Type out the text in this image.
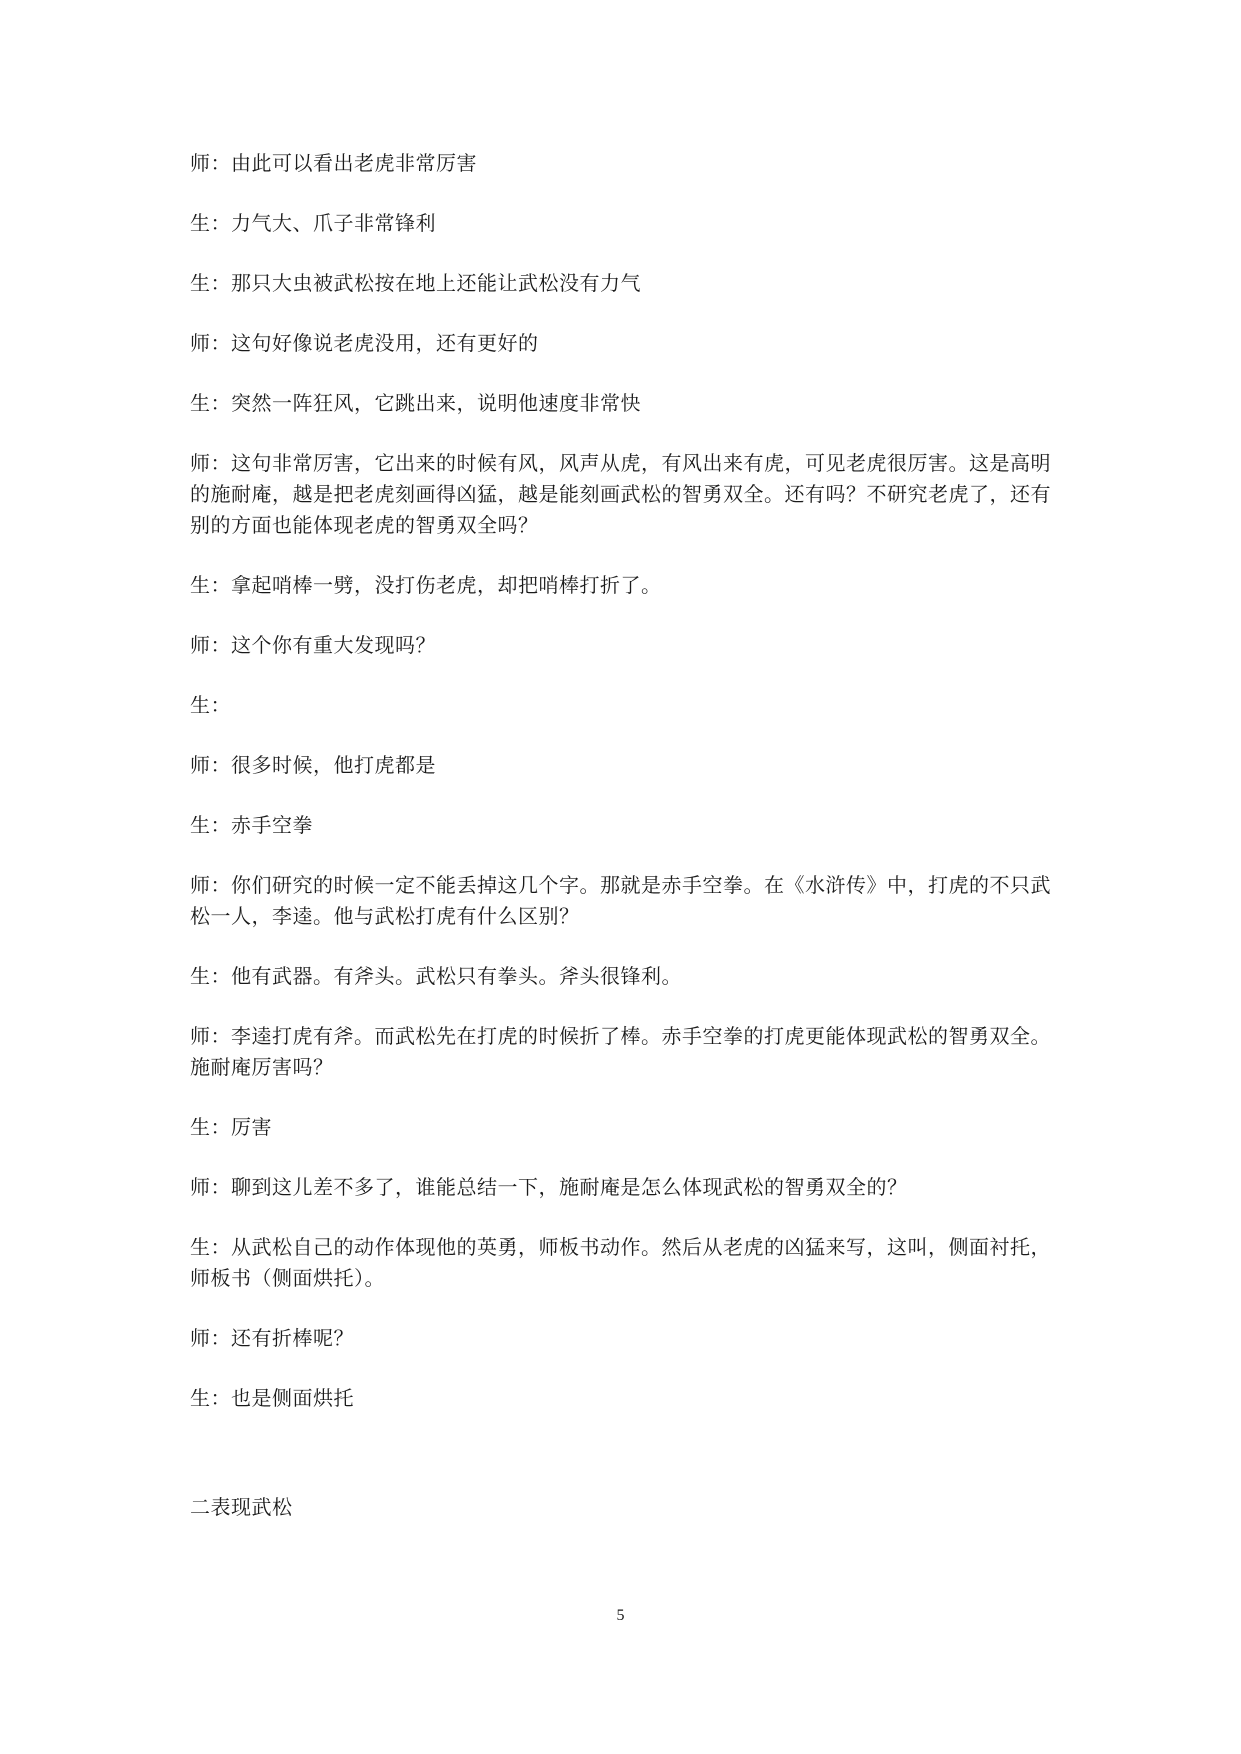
师：由此可以看出老虎非常厉害

生：力气大、爪子非常锋利

生：那只大虫被武松按在地上还能让武松没有力气

师：这句好像说老虎没用，还有更好的

生：突然一阵狂风，它跳出来，说明他速度非常快

师：这句非常厉害，它出来的时候有风，风声从虎，有风出来有虎，可见老虎很厉害。这是高明的施耐庵，越是把老虎刻画得凶猛，越是能刻画武松的智勇双全。还有吗？不研究老虎了，还有别的方面也能体现老虎的智勇双全吗？

生：拿起哨棒一劈，没打伤老虎，却把哨棒打折了。

师：这个你有重大发现吗？

生：

师：很多时候，他打虎都是

生：赤手空拳

师：你们研究的时候一定不能丢掉这几个字。那就是赤手空拳。在《水浒传》中，打虎的不只武松一人，李逵。他与武松打虎有什么区别？

生：他有武器。有斧头。武松只有拳头。斧头很锋利。

师：李逵打虎有斧。而武松先在打虎的时候折了棒。赤手空拳的打虎更能体现武松的智勇双全。施耐庵厉害吗？

生：厉害

师：聊到这儿差不多了，谁能总结一下，施耐庵是怎么体现武松的智勇双全的？

生：从武松自己的动作体现他的英勇，师板书动作。然后从老虎的凶猛来写，这叫，侧面衬托，师板书（侧面烘托）。

师：还有折棒呢？

生：也是侧面烘托

二表现武松

5
